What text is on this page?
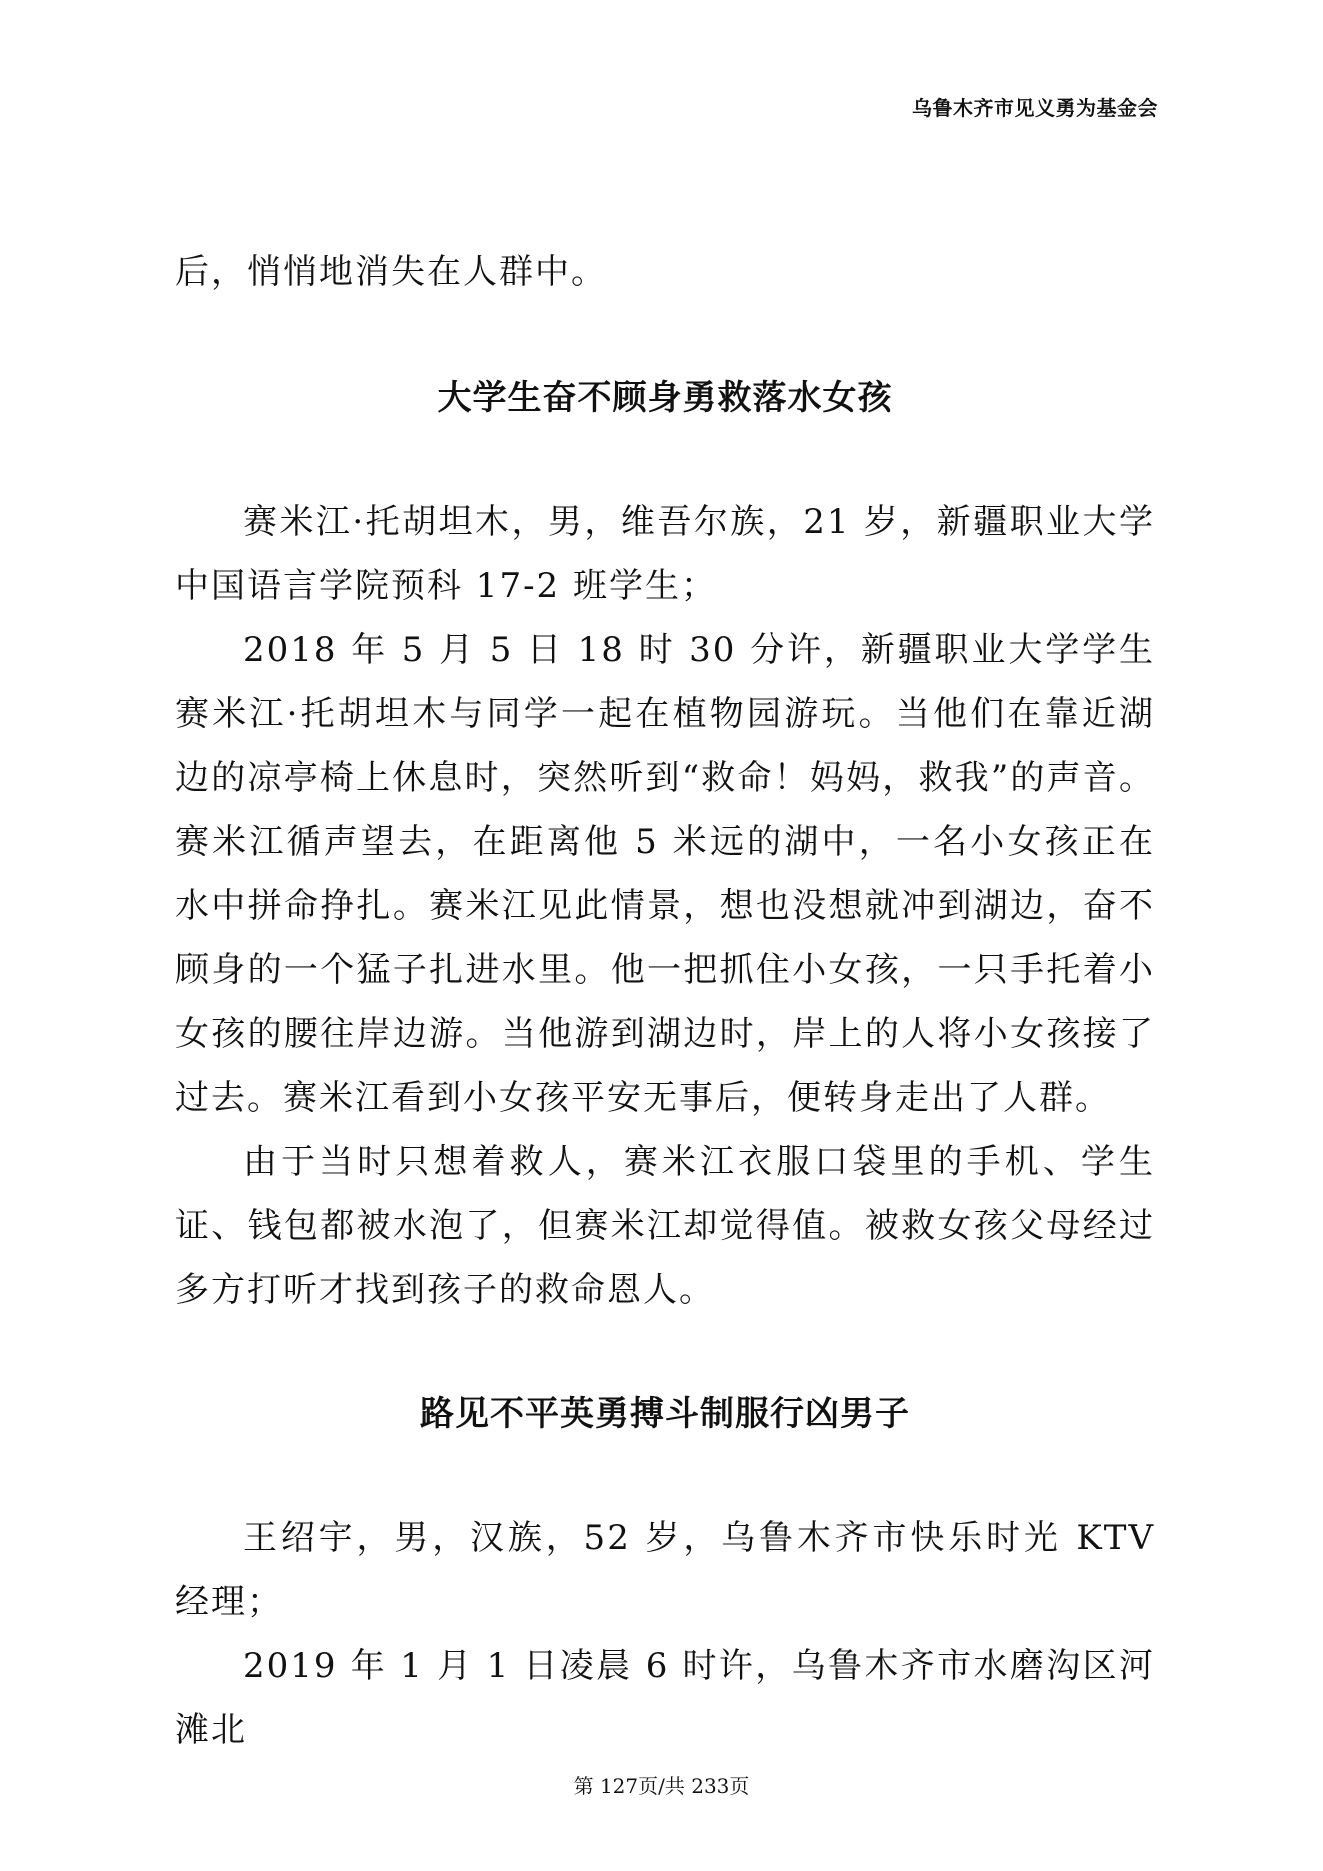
乌鲁木齐市见义勇为基金会

后，悄悄地消失在人群中。

大学生奋不顾身勇救落水女孩

赛米江·托胡坦木，男，维吾尔族，21 岁，新疆职业大学中国语言学院预科 17-2 班学生；

2018 年 5 月 5 日 18 时 30 分许，新疆职业大学学生赛米江·托胡坦木与同学一起在植物园游玩。当他们在靠近湖边的凉亭椅上休息时，突然听到“救命！妈妈，救我”的声音。赛米江循声望去，在距离他 5 米远的湖中，一名小女孩正在水中拼命挣扎。赛米江见此情景，想也没想就冲到湖边，奋不顾身的一个猛子扎进水里。他一把抓住小女孩，一只手托着小女孩的腰往岸边游。当他游到湖边时，岸上的人将小女孩接了过去。赛米江看到小女孩平安无事后，便转身走出了人群。

由于当时只想着救人，赛米江衣服口袋里的手机、学生证、钱包都被水泡了，但赛米江却觉得值。被救女孩父母经过多方打听才找到孩子的救命恩人。

路见不平英勇搏斗制服行凶男子

王绍宇，男，汉族，52 岁，乌鲁木齐市快乐时光 KTV 经理；

2019 年 1 月 1 日凌晨 6 时许，乌鲁木齐市水磨沟区河滩北

第 127页/共 233页
